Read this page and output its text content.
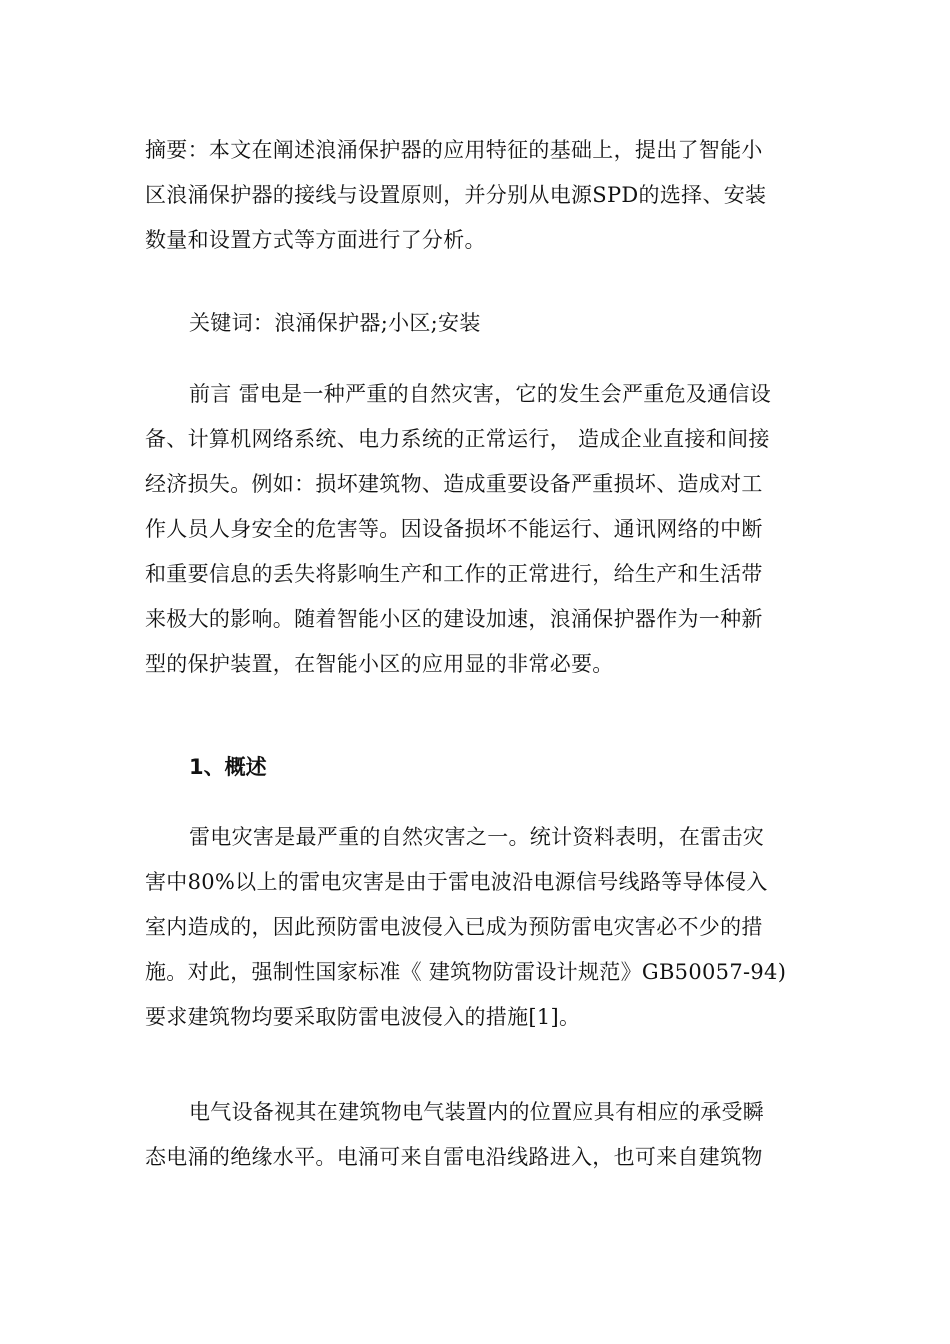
摘要：本文在阐述浪涌保护器的应用特征的基础上，提出了智能小
区浪涌保护器的接线与设置原则，并分别从电源SPD的选择、安装
数量和设置方式等方面进行了分析。
关键词：浪涌保护器;小区;安装
前言 雷电是一种严重的自然灾害，它的发生会严重危及通信设
备、计算机网络系统、电力系统的正常运行， 造成企业直接和间接
经济损失。例如：损坏建筑物、造成重要设备严重损坏、造成对工
作人员人身安全的危害等。因设备损坏不能运行、通讯网络的中断
和重要信息的丢失将影响生产和工作的正常进行，给生产和生活带
来极大的影响。随着智能小区的建设加速，浪涌保护器作为一种新
型的保护装置，在智能小区的应用显的非常必要。
1、概述
雷电灾害是最严重的自然灾害之一。统计资料表明，在雷击灾
害中80%以上的雷电灾害是由于雷电波沿电源信号线路等导体侵入
室内造成的，因此预防雷电波侵入已成为预防雷电灾害必不少的措
施。对此，强制性国家标准《 建筑物防雷设计规范》GB50057-94)
要求建筑物均要采取防雷电波侵入的措施[1]。
电气设备视其在建筑物电气装置内的位置应具有相应的承受瞬
态电涌的绝缘水平。电涌可来自雷电沿线路进入，也可来自建筑物
